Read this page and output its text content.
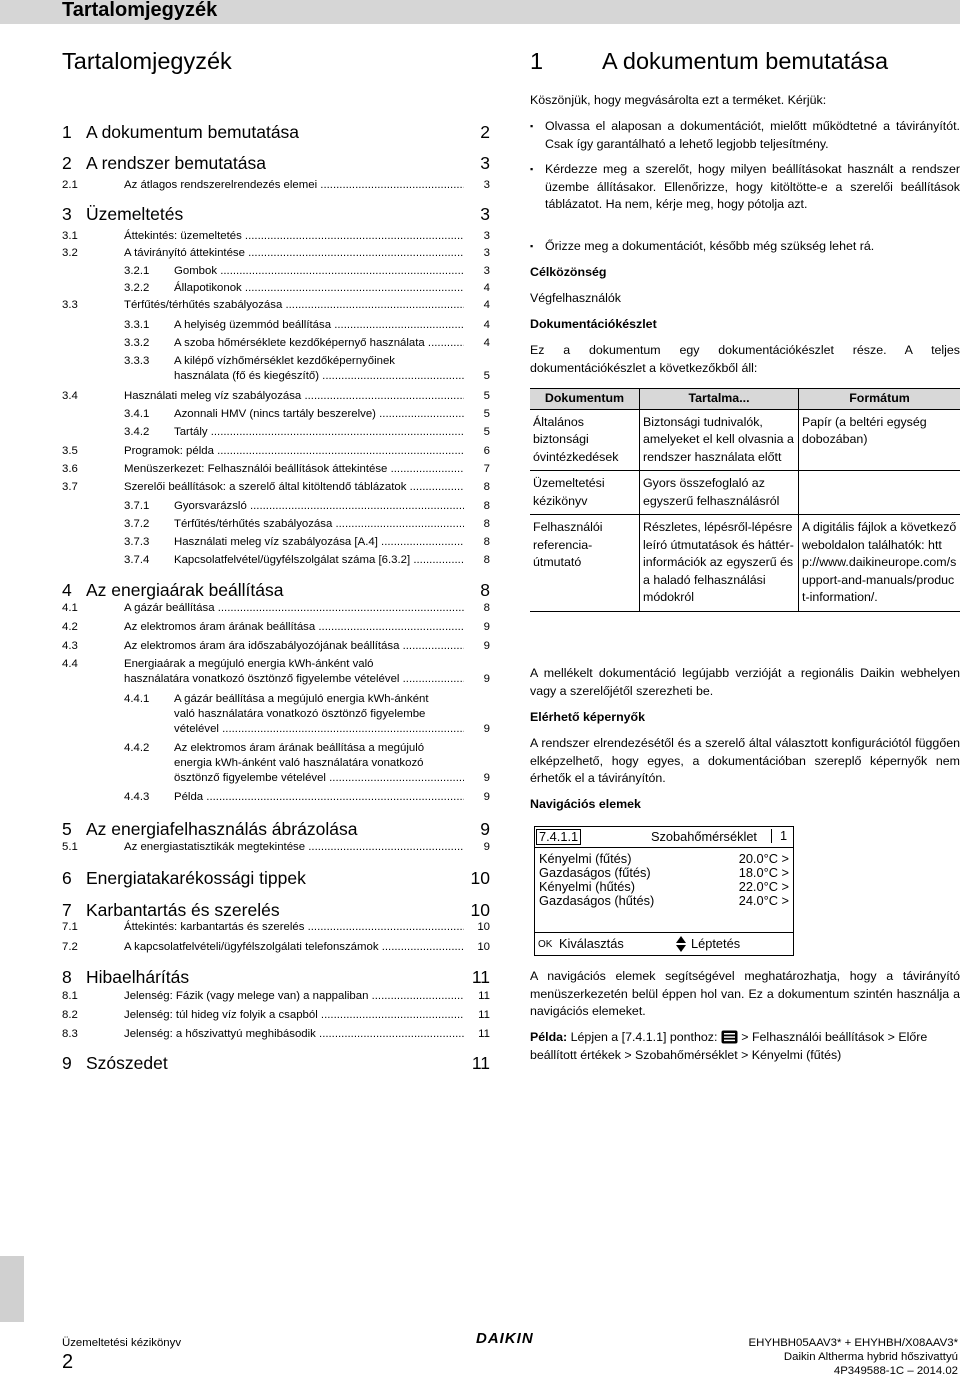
Tartalomjegyzék
Tartalomjegyzék
1 A dokumentum bemutatása	2
2 A rendszer bemutatása	3
2.1	Az átlagos rendszerelrendezés elemei .....	3
3 Üzemeltetés	3
3.1	Áttekintés: üzemeltetés .....	3
3.2	A távirányító áttekintése .....	3
3.2.1	Gombok .....	3
3.2.2	Állapotikonok .....	4
3.3	Térfűtés/térhűtés szabályozása .....	4
3.3.1	A helyiség üzemmód beállítása .....	4
3.3.2	A szoba hőmérséklete kezdőképernyő használata .....	4
3.3.3	A kilépő vízhőmérséklet kezdőképernyőinek
használata (fő és kiegészítő) .....	5
3.4	Használati meleg víz szabályozása .....	5
3.4.1	Azonnali HMV (nincs tartály beszerelve) .....	5
3.4.2	Tartály .....	5
3.5	Programok: példa .....	6
3.6	Menüszerkezet: Felhasználói beállítások áttekintése .....	7
3.7	Szerelői beállítások: a szerelő által kitöltendő táblázatok .....	8
3.7.1	Gyorsvarázsló .....	8
3.7.2	Térfűtés/térhűtés szabályozása .....	8
3.7.3	Használati meleg víz szabályozása [A.4] .....	8
3.7.4	Kapcsolatfelvétel/ügyfélszolgálat száma [6.3.2] .....	8
4 Az energiaárak beállítása	8
4.1	A gázár beállítása .....	8
4.2	Az elektromos áram árának beállítása .....	9
4.3	Az elektromos áram ára időszabályozójának beállítása .....	9
4.4	Energiaárak a megújuló energia kWh-ánként való
használatára vonatkozó ösztönző figyelembe vételével .....	9
4.4.1	A gázár beállítása a megújuló energia kWh-ánként
való használatára vonatkozó ösztönző figyelembe
vételével .....	9
4.4.2	Az elektromos áram árának beállítása a megújuló
energia kWh-ánként való használatára vonatkozó
ösztönző figyelembe vételével .....	9
4.4.3	Példa .....	9
5 Az energiafelhasználás ábrázolása	9
5.1	Az energiastatisztikák megtekintése .....	9
6 Energiatakarékossági tippek	10
7 Karbantartás és szerelés	10
7.1	Áttekintés: karbantartás és szerelés .....	10
7.2	A kapcsolatfelvételi/ügyfélszolgálati telefonszámok .....	10
8 Hibaelhárítás	11
8.1	Jelenség: Fázik (vagy melege van) a nappaliban .....	11
8.2	Jelenség: túl hideg víz folyik a csapból .....	11
8.3	Jelenség: a hőszivattyú meghibásodik .....	11
9 Szószedet	11
1	A dokumentum bemutatása
Köszönjük, hogy megvásárolta ezt a terméket. Kérjük:
▪ Olvassa el alaposan a dokumentációt, mielőtt működtetné a távirányítót. Csak így garantálható a lehető legjobb teljesítmény.
▪ Kérdezze meg a szerelőt, hogy milyen beállításokat használt a rendszer üzembe állításakor. Ellenőrizze, hogy kitöltötte-e a szerelői beállítások táblázatot. Ha nem, kérje meg, hogy pótolja azt.
▪ Őrizze meg a dokumentációt, később még szükség lehet rá.
Célközönség
Végfelhasználók
Dokumentációkészlet
Ez a dokumentum egy dokumentációkészlet része. A teljes dokumentációkészlet a következőkből áll:
Dokumentum	Tartalma...	Formátum
Általános biztonsági óvintézkedések	Biztonsági tudnivalók, amelyeket el kell olvasnia a rendszer használata előtt	Papír (a beltéri egység dobozában)
Üzemeltetési kézikönyv	Gyors összefoglaló az egyszerű felhasználásról	
Felhasználói referencia-útmutató	Részletes, lépésről-lépésre leíró útmutatások és háttér-információk az egyszerű és a haladó felhasználási módokról	A digitális fájlok a következő weboldalon találhatók: http://www.daikineurope.com/support-and-manuals/product-information/.
A mellékelt dokumentáció legújabb verzióját a regionális Daikin webhelyen vagy a szerelőjétől szerezheti be.
Elérhető képernyők
A rendszer elrendezésétől és a szerelő által választott konfigurációtól függően elképzelhető, hogy egyes, a dokumentációban szereplő képernyők nem érhetők el a távirányítón.
Navigációs elemek
7.4.1.1	Szobahőmérséklet	1
Kényelmi (fűtés)	20.0°C >
Gazdaságos (fűtés)	18.0°C >
Kényelmi (hűtés)	22.0°C >
Gazdaságos (hűtés)	24.0°C >
OK Kiválasztás	Léptetés
A navigációs elemek segítségével meghatározhatja, hogy a távirányító menüszerkezetén belül éppen hol van. Ez a dokumentum szintén használja a navigációs elemeket.
Példa: Lépjen a [7.4.1.1] ponthoz: > Felhasználói beállítások > Előre beállított értékek > Szobahőmérséklet > Kényelmi (fűtés)
Üzemeltetési kézikönyv
2
DAIKIN	EHYHBH05AAV3* + EHYHBH/X08AAV3*
Daikin Altherma hybrid hőszivattyú
4P349588-1C – 2014.02
